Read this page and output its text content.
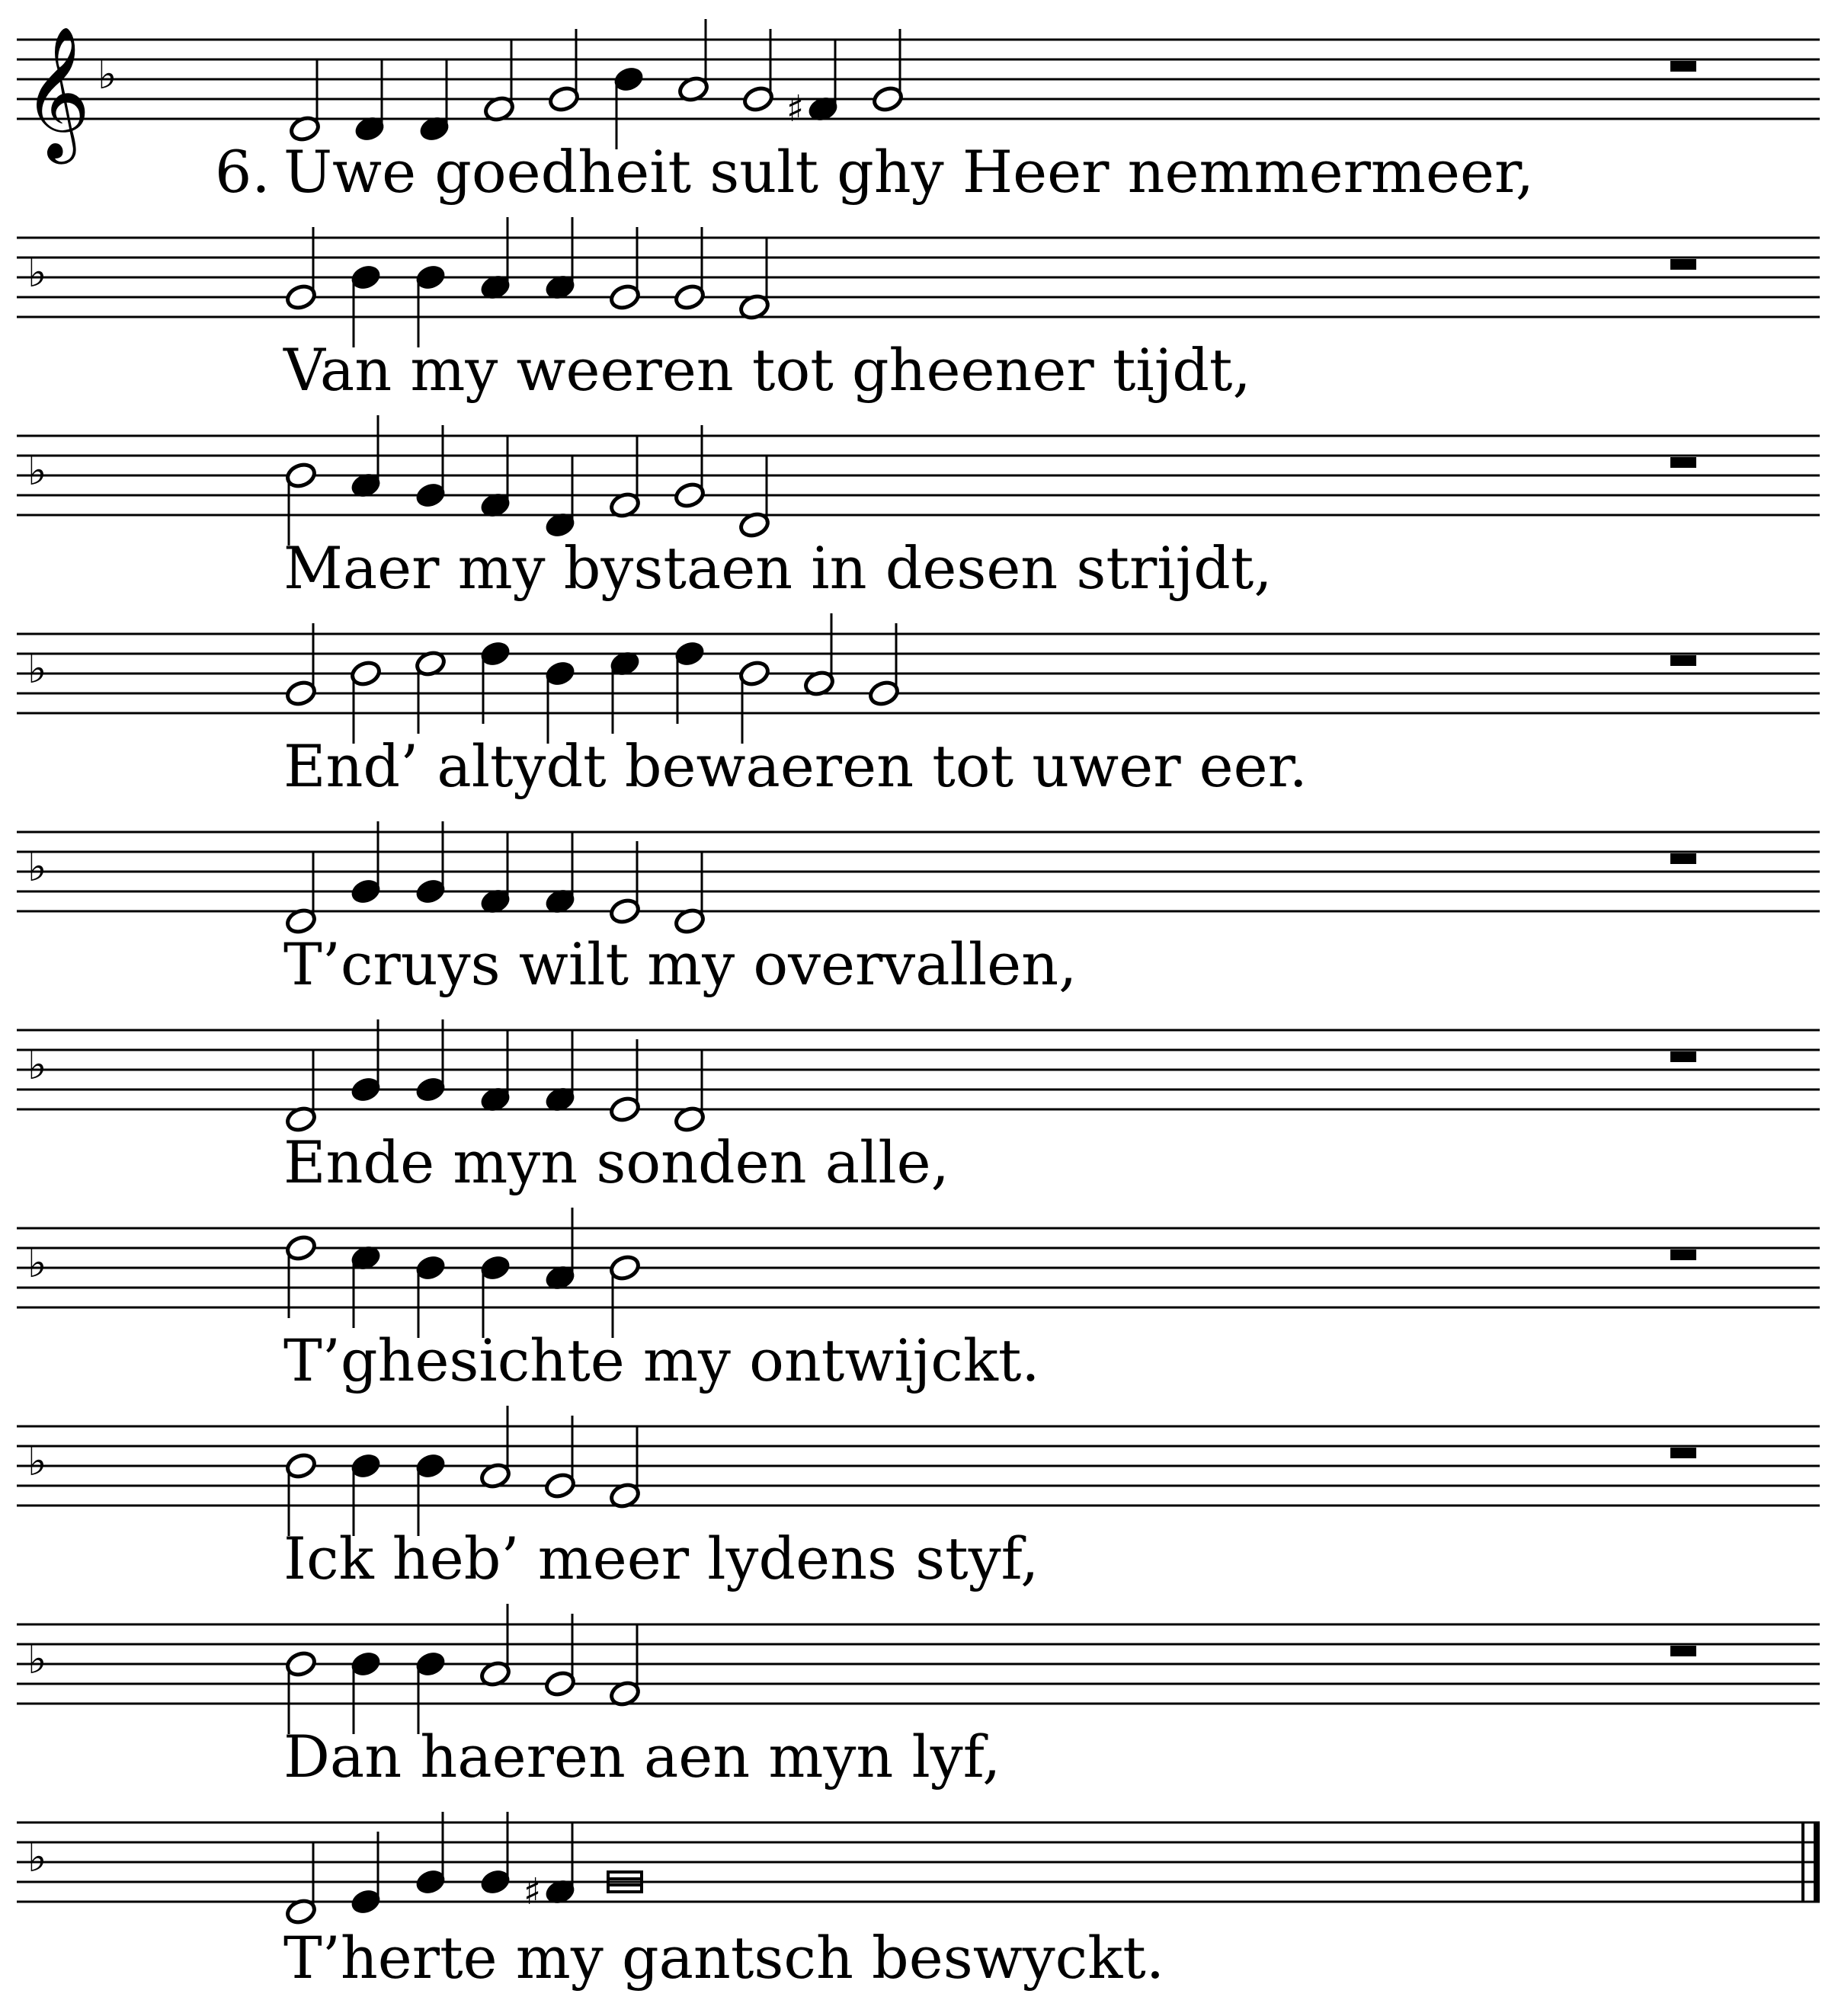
𝄞 ♭
♯
6. Uwe goedheit sult ghy Heer nemmermeer,
♭
Van my weeren tot gheener tijdt,
♭
Maer my bystaen in desen strijdt,
♭
End’ altydt bewaeren tot uwer eer.
♭
T’cruys wilt my overvallen,
♭
Ende myn sonden alle,
♭
T’ghesichte my ontwijckt.
♭
Ick heb’ meer lydens styf,
♭
Dan haeren aen myn lyf,
♭
♯
T’herte my gantsch beswyckt.
